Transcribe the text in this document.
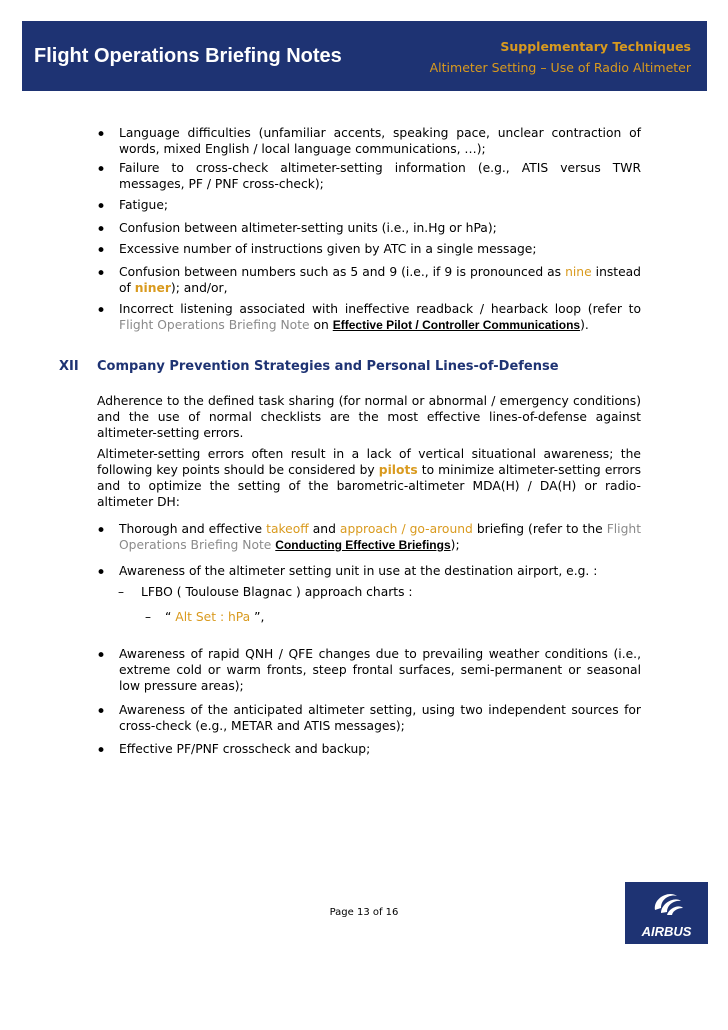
Flight Operations Briefing Notes	Supplementary Techniques
Altimeter Setting – Use of Radio Altimeter
• Language difficulties (unfamiliar accents, speaking pace, unclear contraction of words, mixed English / local language communications, …);
• Failure to cross-check altimeter-setting information (e.g., ATIS versus TWR messages, PF / PNF cross-check);
• Fatigue;
• Confusion between altimeter-setting units (i.e., in.Hg or hPa);
• Excessive number of instructions given by ATC in a single message;
• Confusion between numbers such as 5 and 9 (i.e., if 9 is pronounced as nine instead of niner); and/or,
• Incorrect listening associated with ineffective readback / hearback loop (refer to Flight Operations Briefing Note on Effective Pilot / Controller Communications).
XII Company Prevention Strategies and Personal Lines-of-Defense
Adherence to the defined task sharing (for normal or abnormal / emergency conditions) and the use of normal checklists are the most effective lines-of-defense against altimeter-setting errors.
Altimeter-setting errors often result in a lack of vertical situational awareness; the following key points should be considered by pilots to minimize altimeter-setting errors and to optimize the setting of the barometric-altimeter MDA(H) / DA(H) or radio-altimeter DH:
• Thorough and effective takeoff and approach / go-around briefing (refer to the Flight Operations Briefing Note Conducting Effective Briefings);
• Awareness of the altimeter setting unit in use at the destination airport, e.g. :
– LFBO ( Toulouse Blagnac ) approach charts :
– “ Alt Set : hPa ”,
• Awareness of rapid QNH / QFE changes due to prevailing weather conditions (i.e., extreme cold or warm fronts, steep frontal surfaces, semi-permanent or seasonal low pressure areas);
• Awareness of the anticipated altimeter setting, using two independent sources for cross-check (e.g., METAR and ATIS messages);
• Effective PF/PNF crosscheck and backup;
Page 13 of 16
AIRBUS
